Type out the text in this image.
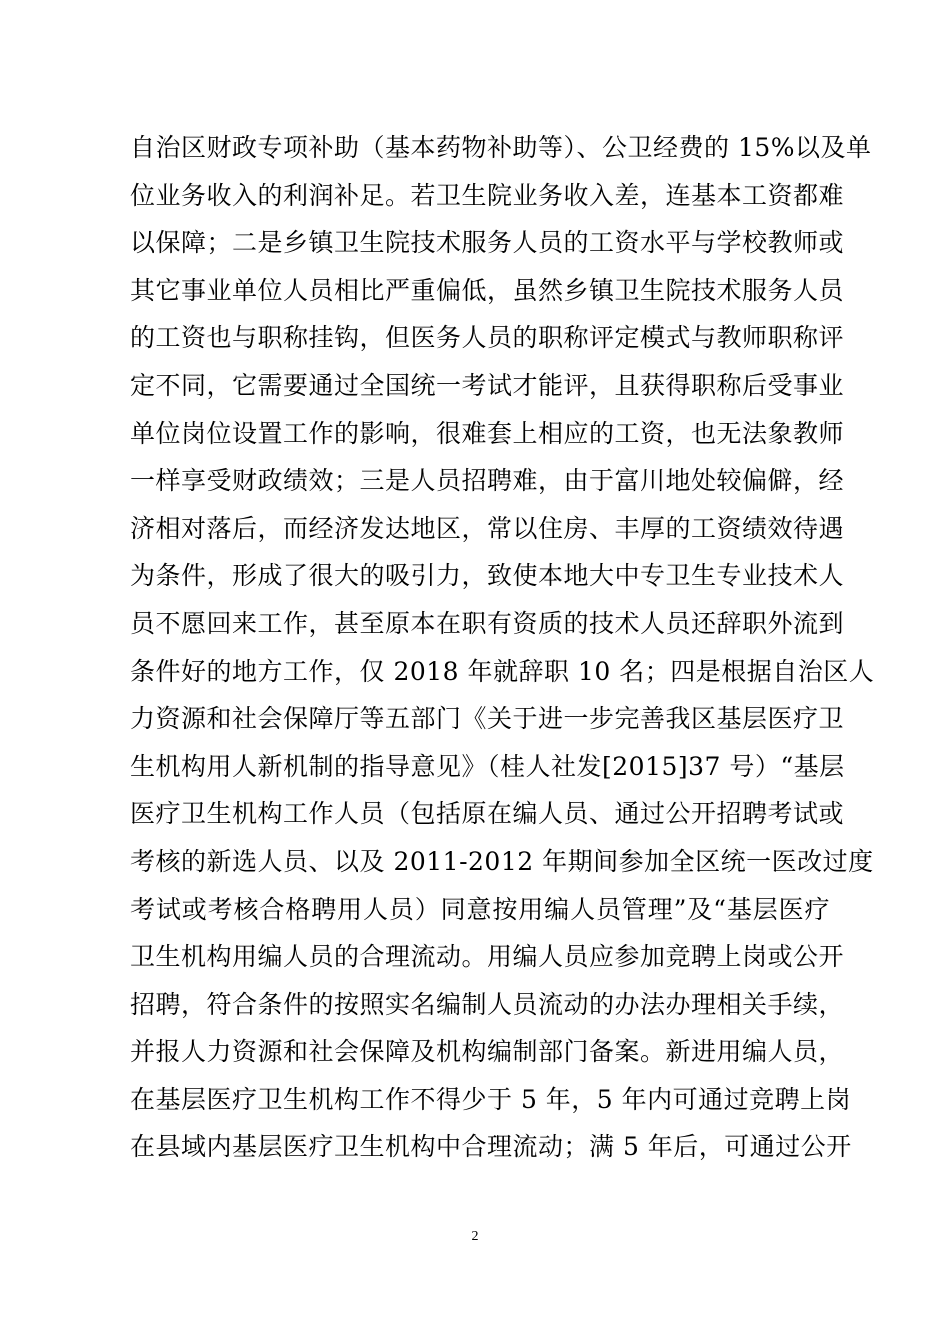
自治区财政专项补助（基本药物补助等）、公卫经费的 15%以及单
位业务收入的利润补足。若卫生院业务收入差，连基本工资都难
以保障；二是乡镇卫生院技术服务人员的工资水平与学校教师或
其它事业单位人员相比严重偏低，虽然乡镇卫生院技术服务人员
的工资也与职称挂钩，但医务人员的职称评定模式与教师职称评
定不同，它需要通过全国统一考试才能评，且获得职称后受事业
单位岗位设置工作的影响，很难套上相应的工资，也无法象教师
一样享受财政绩效；三是人员招聘难，由于富川地处较偏僻，经
济相对落后，而经济发达地区，常以住房、丰厚的工资绩效待遇
为条件，形成了很大的吸引力，致使本地大中专卫生专业技术人
员不愿回来工作，甚至原本在职有资质的技术人员还辞职外流到
条件好的地方工作，仅 2018 年就辞职 10 名；四是根据自治区人
力资源和社会保障厅等五部门《关于进一步完善我区基层医疗卫
生机构用人新机制的指导意见》（桂人社发[2015]37 号）“基层
医疗卫生机构工作人员（包括原在编人员、通过公开招聘考试或
考核的新选人员、以及 2011-2012 年期间参加全区统一医改过度
考试或考核合格聘用人员）同意按用编人员管理”及“基层医疗
卫生机构用编人员的合理流动。用编人员应参加竞聘上岗或公开
招聘，符合条件的按照实名编制人员流动的办法办理相关手续，
并报人力资源和社会保障及机构编制部门备案。新进用编人员，
在基层医疗卫生机构工作不得少于 5 年，5 年内可通过竞聘上岗
在县域内基层医疗卫生机构中合理流动；满 5 年后，可通过公开
2
